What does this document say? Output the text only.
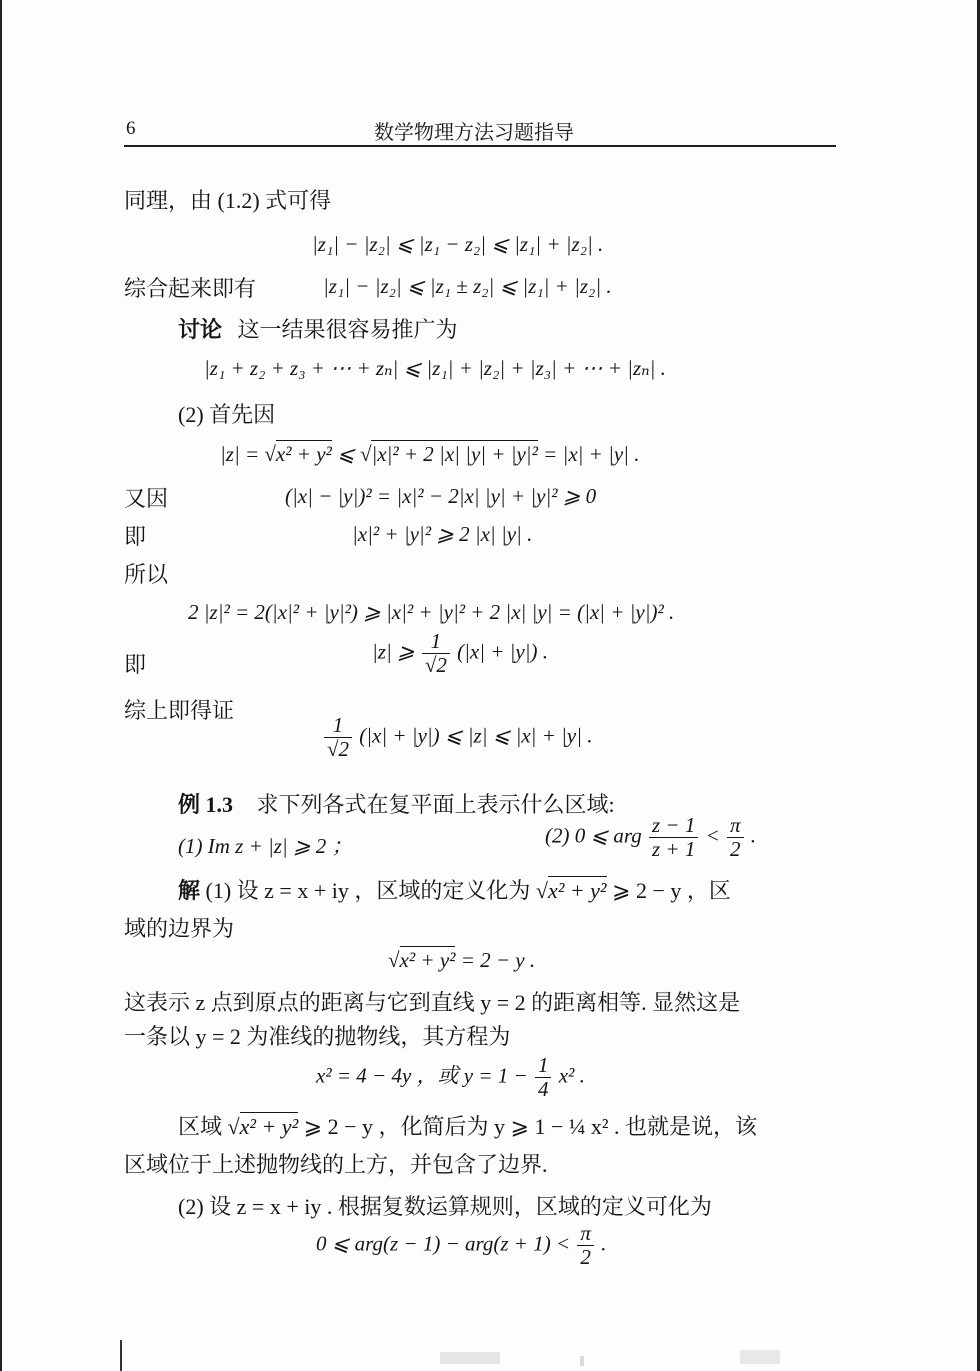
6	数学物理方法习题指导
同理，由 (1.2) 式可得
|z₁| − |z₂| ⩽ |z₁ − z₂| ⩽ |z₁| + |z₂| .
综合起来即有	|z₁| − |z₂| ⩽ |z₁ ± z₂| ⩽ |z₁| + |z₂| .
讨论 这一结果很容易推广为
|z₁ + z₂ + z₃ + ⋯ + zₙ| ⩽ |z₁| + |z₂| + |z₃| + ⋯ + |zₙ| .
(2) 首先因
|z| = √x² + y² ⩽ √|x|² + 2 |x| |y| + |y|² = |x| + |y| .
又因	(|x| − |y|)² = |x|² − 2|x| |y| + |y|² ⩾ 0
即	|x|² + |y|² ⩾ 2 |x| |y| .
所以
2 |z|² = 2(|x|² + |y|²) ⩾ |x|² + |y|² + 2 |x| |y| = (|x| + |y|)² .
即
|z| ⩾ $\frac{1}{√2} (|x| + |y|)$ .
综上即得证
$\frac{1}{√2} (|x| + |y|)$ ⩽ |z| ⩽ |x| + |y| .
例 1.3 求下列各式在复平面上表示什么区域:
(1) Im z + |z| ⩾ 2 ；	(2) 0 ⩽ arg $\frac{z - 1}{z + 1} < \frac{\pi}{2}$ .
解 (1) 设 z = x + iy ，区域的定义化为 √x² + y² ⩾ 2 − y ，区
域的边界为
√x² + y² = 2 − y .
这表示 z 点到原点的距离与它到直线 y = 2 的距离相等. 显然这是
一条以 y = 2 为准线的抛物线，其方程为
x² = 4 − 4y ，或 $y = 1 - \frac{1}{4} x^2$ .
区域 √x² + y² ⩾ 2 − y ，化简后为 y ⩾ 1 − ¼ x² . 也就是说，该
区域位于上述抛物线的上方，并包含了边界.
(2) 设 z = x + iy . 根据复数运算规则，区域的定义可化为
0 ⩽ $arg(z - 1) - arg(z + 1) < \frac{\pi}{2}$ .
